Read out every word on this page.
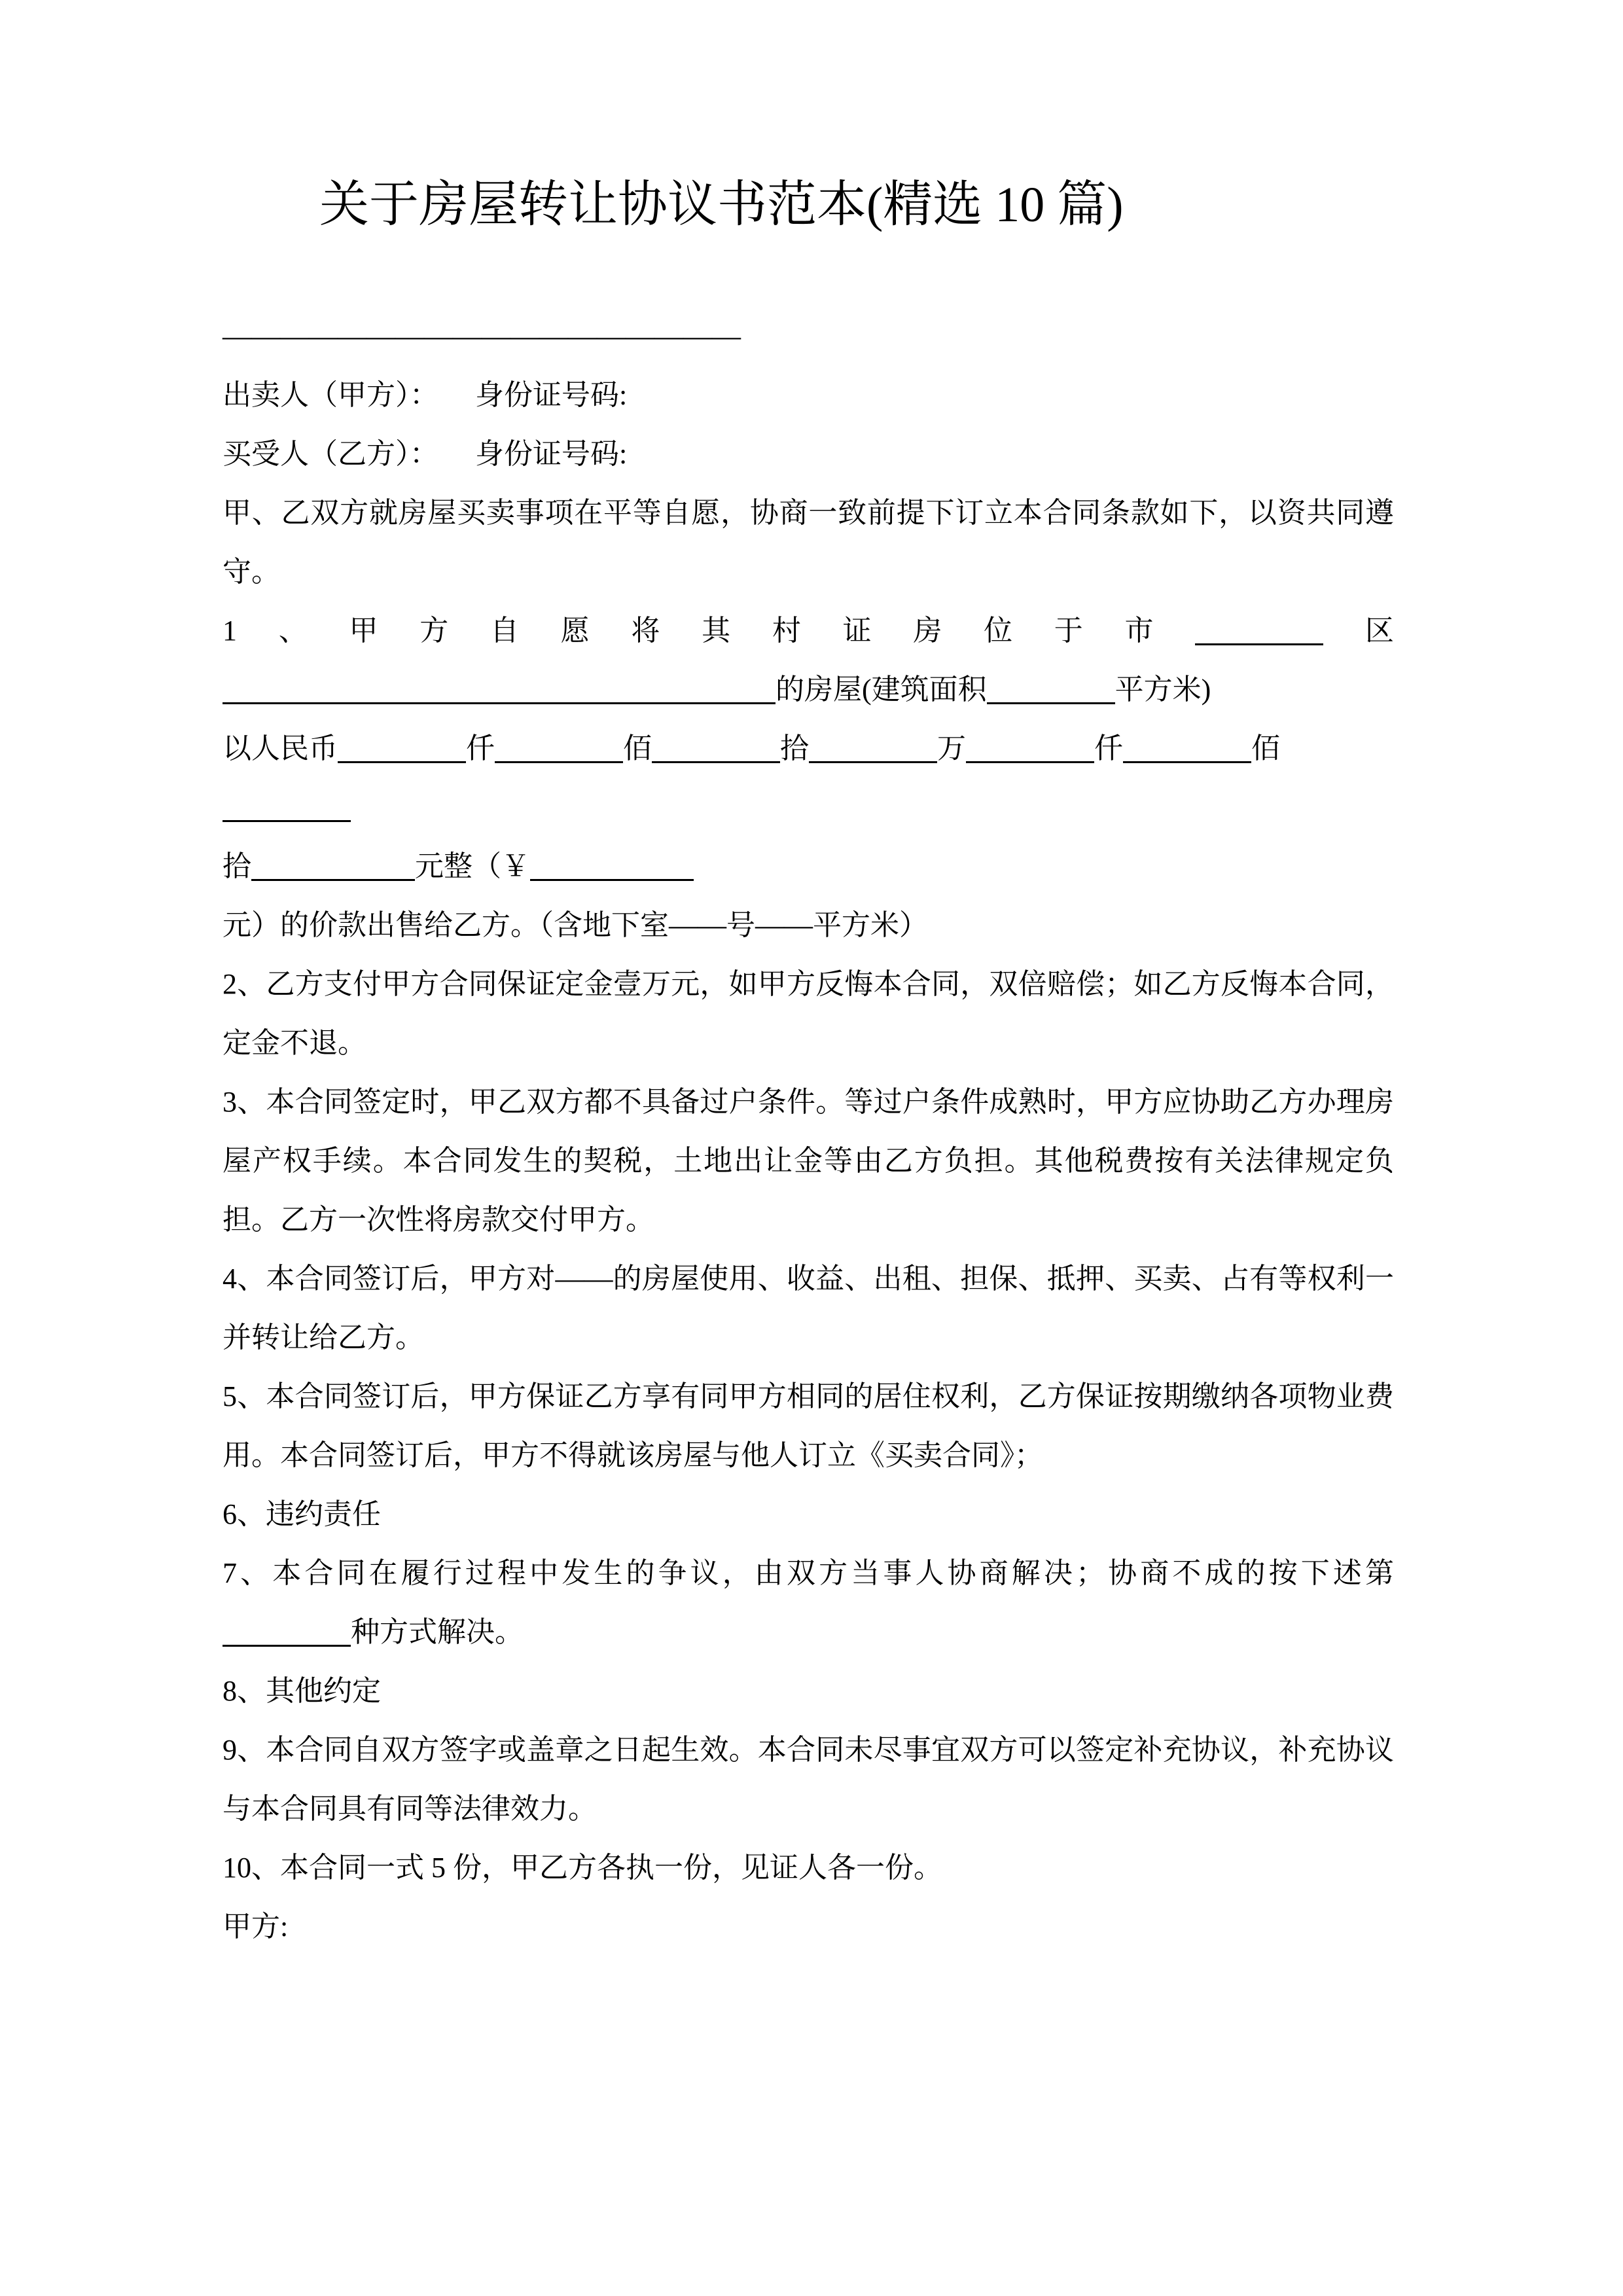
关于房屋转让协议书范本(精选 10 篇)
——————————————————
出卖人（甲方）： 身份证号码:
买受人（乙方）： 身份证号码:
甲、乙双方就房屋买卖事项在平等自愿，协商一致前提下订立本合同条款如下，以资共同遵守。
1、甲方自愿将其村证房位于市	区
的房屋(建筑面积	平方米)
以人民币	仟	佰	拾	万	仟	佰
拾	元整（￥
元）的价款出售给乙方。（含地下室——号——平方米）
2、乙方支付甲方合同保证定金壹万元，如甲方反悔本合同，双倍赔偿；如乙方反悔本合同，定金不退。
3、本合同签定时，甲乙双方都不具备过户条件。等过户条件成熟时，甲方应协助乙方办理房屋产权手续。本合同发生的契税，土地出让金等由乙方负担。其他税费按有关法律规定负担。乙方一次性将房款交付甲方。
4、本合同签订后，甲方对——的房屋使用、收益、出租、担保、抵押、买卖、占有等权利一并转让给乙方。
5、本合同签订后，甲方保证乙方享有同甲方相同的居住权利，乙方保证按期缴纳各项物业费用。本合同签订后，甲方不得就该房屋与他人订立《买卖合同》；
6、违约责任
7、本合同在履行过程中发生的争议，由双方当事人协商解决；协商不成的按下述第种方式解决。
8、其他约定
9、本合同自双方签字或盖章之日起生效。本合同未尽事宜双方可以签定补充协议，补充协议与本合同具有同等法律效力。
10、本合同一式 5 份，甲乙方各执一份，见证人各一份。
甲方:
